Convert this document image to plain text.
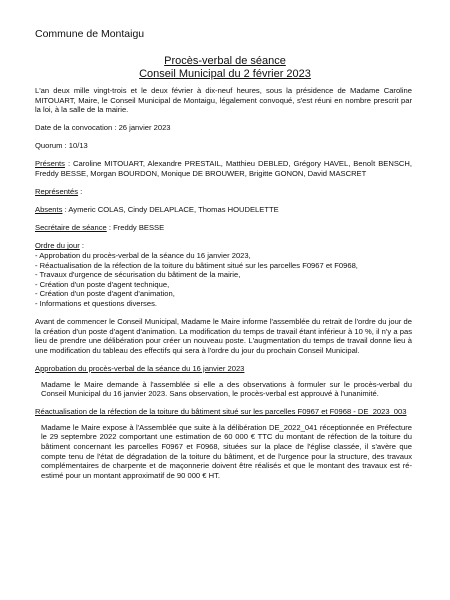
Commune de Montaigu
Procès-verbal de séance
Conseil Municipal du 2 février 2023

L'an deux mille vingt-trois et le deux février à dix-neuf heures, sous la présidence de Madame Caroline MITOUART, Maire, le Conseil Municipal de Montaigu, légalement convoqué, s'est réuni en nombre prescrit par la loi, à la salle de la mairie.

Date de la convocation : 26 janvier 2023

Quorum : 10/13

Présents : Caroline MITOUART, Alexandre PRESTAIL, Matthieu DEBLED, Grégory HAVEL, Benoît BENSCH, Freddy BESSE, Morgan BOURDON, Monique DE BROUWER, Brigitte GONON, David MASCRET

Représentés :

Absents : Aymeric COLAS, Cindy DELAPLACE, Thomas HOUDELETTE

Secrétaire de séance : Freddy BESSE

Ordre du jour :
- Approbation du procès-verbal de la séance du 16 janvier 2023,
- Réactualisation de la réfection de la toiture du bâtiment situé sur les parcelles F0967 et F0968,
- Travaux d'urgence de sécurisation du bâtiment de la mairie,
- Création d'un poste d'agent technique,
- Création d'un poste d'agent d'animation,
- Informations et questions diverses.

Avant de commencer le Conseil Municipal, Madame le Maire informe l'assemblée du retrait de l'ordre du jour de la création d'un poste d'agent d'animation. La modification du temps de travail étant inférieur à 10 %, il n'y a pas lieu de prendre une délibération pour créer un nouveau poste. L'augmentation du temps de travail donne lieu à une modification du tableau des effectifs qui sera à l'ordre du jour du prochain Conseil Municipal.

Approbation du procès-verbal de la séance du 16 janvier 2023

Madame le Maire demande à l'assemblée si elle a des observations à formuler sur le procès-verbal du Conseil Municipal du 16 janvier 2023. Sans observation, le procès-verbal est approuvé à l'unanimité.

Réactualisation de la réfection de la toiture du bâtiment situé sur les parcelles F0967 et F0968 - DE_2023_003

Madame le Maire expose à l'Assemblée que suite à la délibération DE_2022_041 réceptionnée en Préfecture le 29 septembre 2022 comportant une estimation de 60 000 € TTC du montant de réfection de la toiture du bâtiment concernant les parcelles F0967 et F0968, situées sur la place de l'église classée, il s'avère que compte tenu de l'état de dégradation de la toiture du bâtiment, et de l'urgence pour la structure, des travaux complémentaires de charpente et de maçonnerie doivent être réalisés et que le montant des travaux est ré-estimé pour un montant approximatif de 90 000 € HT.
